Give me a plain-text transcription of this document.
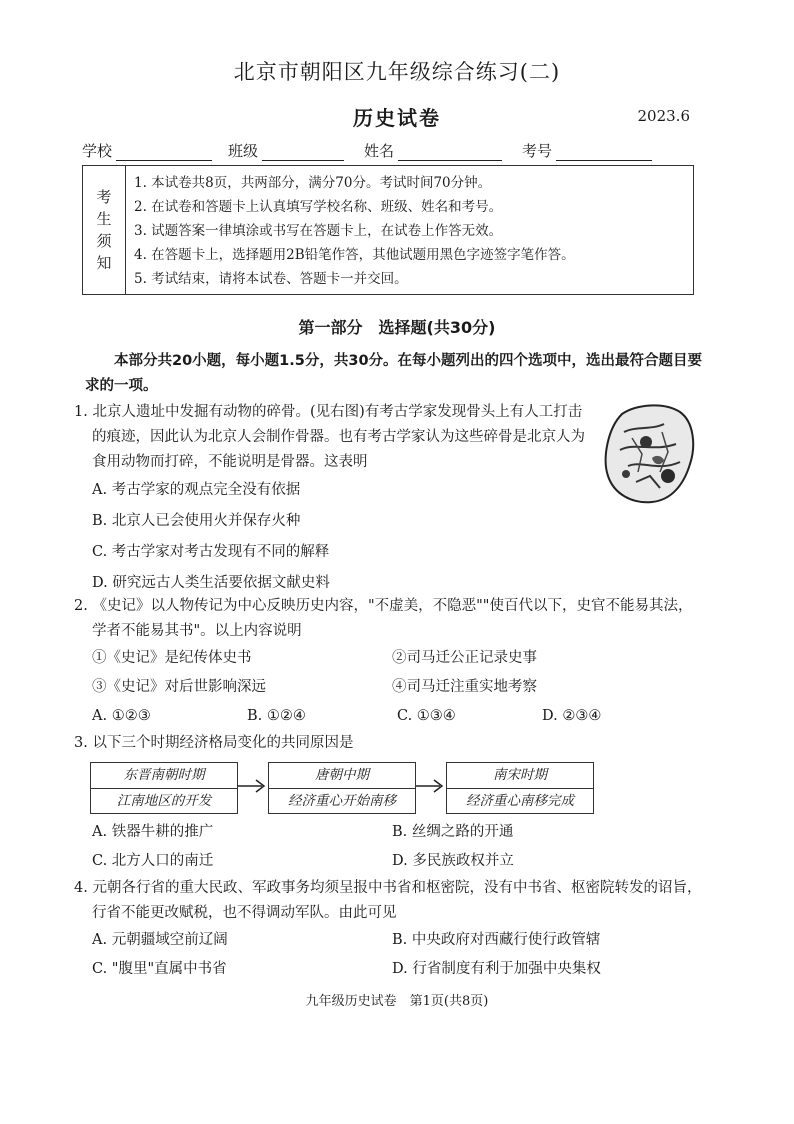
北京市朝阳区九年级综合练习(二)
历史试卷	2023.6
学校	班级	姓名	考号
考
生
须
知
1. 本试卷共8页，共两部分，满分70分。考试时间70分钟。
2. 在试卷和答题卡上认真填写学校名称、班级、姓名和考号。
3. 试题答案一律填涂或书写在答题卡上，在试卷上作答无效。
4. 在答题卡上，选择题用2B铅笔作答，其他试题用黑色字迹签字笔作答。
5. 考试结束，请将本试卷、答题卡一并交回。
第一部分　选择题(共30分)
本部分共20小题，每小题1.5分，共30分。在每小题列出的四个选项中，选出最符合题目要求的一项。
1. 北京人遗址中发掘有动物的碎骨。(见右图)有考古学家发现骨头上有人工打击的痕迹，因此认为北京人会制作骨器。也有考古学家认为这些碎骨是北京人为食用动物而打碎，不能说明是骨器。这表明
A. 考古学家的观点完全没有依据
B. 北京人已会使用火并保存火种
C. 考古学家对考古发现有不同的解释
D. 研究远古人类生活要依据文献史料
2. 《史记》以人物传记为中心反映历史内容，"不虚美，不隐恶""使百代以下，史官不能易其法，学者不能易其书"。以上内容说明
①《史记》是纪传体史书	②司马迁公正记录史事
③《史记》对后世影响深远	④司马迁注重实地考察
A. ①②③	B. ①②④	C. ①③④	D. ②③④
3. 以下三个时期经济格局变化的共同原因是
东晋南朝时期
江南地区的开发
唐朝中期
经济重心开始南移
南宋时期
经济重心南移完成
A. 铁器牛耕的推广	B. 丝绸之路的开通
C. 北方人口的南迁	D. 多民族政权并立
4. 元朝各行省的重大民政、军政事务均须呈报中书省和枢密院，没有中书省、枢密院转发的诏旨，行省不能更改赋税，也不得调动军队。由此可见
A. 元朝疆域空前辽阔	B. 中央政府对西藏行使行政管辖
C. "腹里"直属中书省	D. 行省制度有利于加强中央集权
九年级历史试卷　第1页(共8页)
